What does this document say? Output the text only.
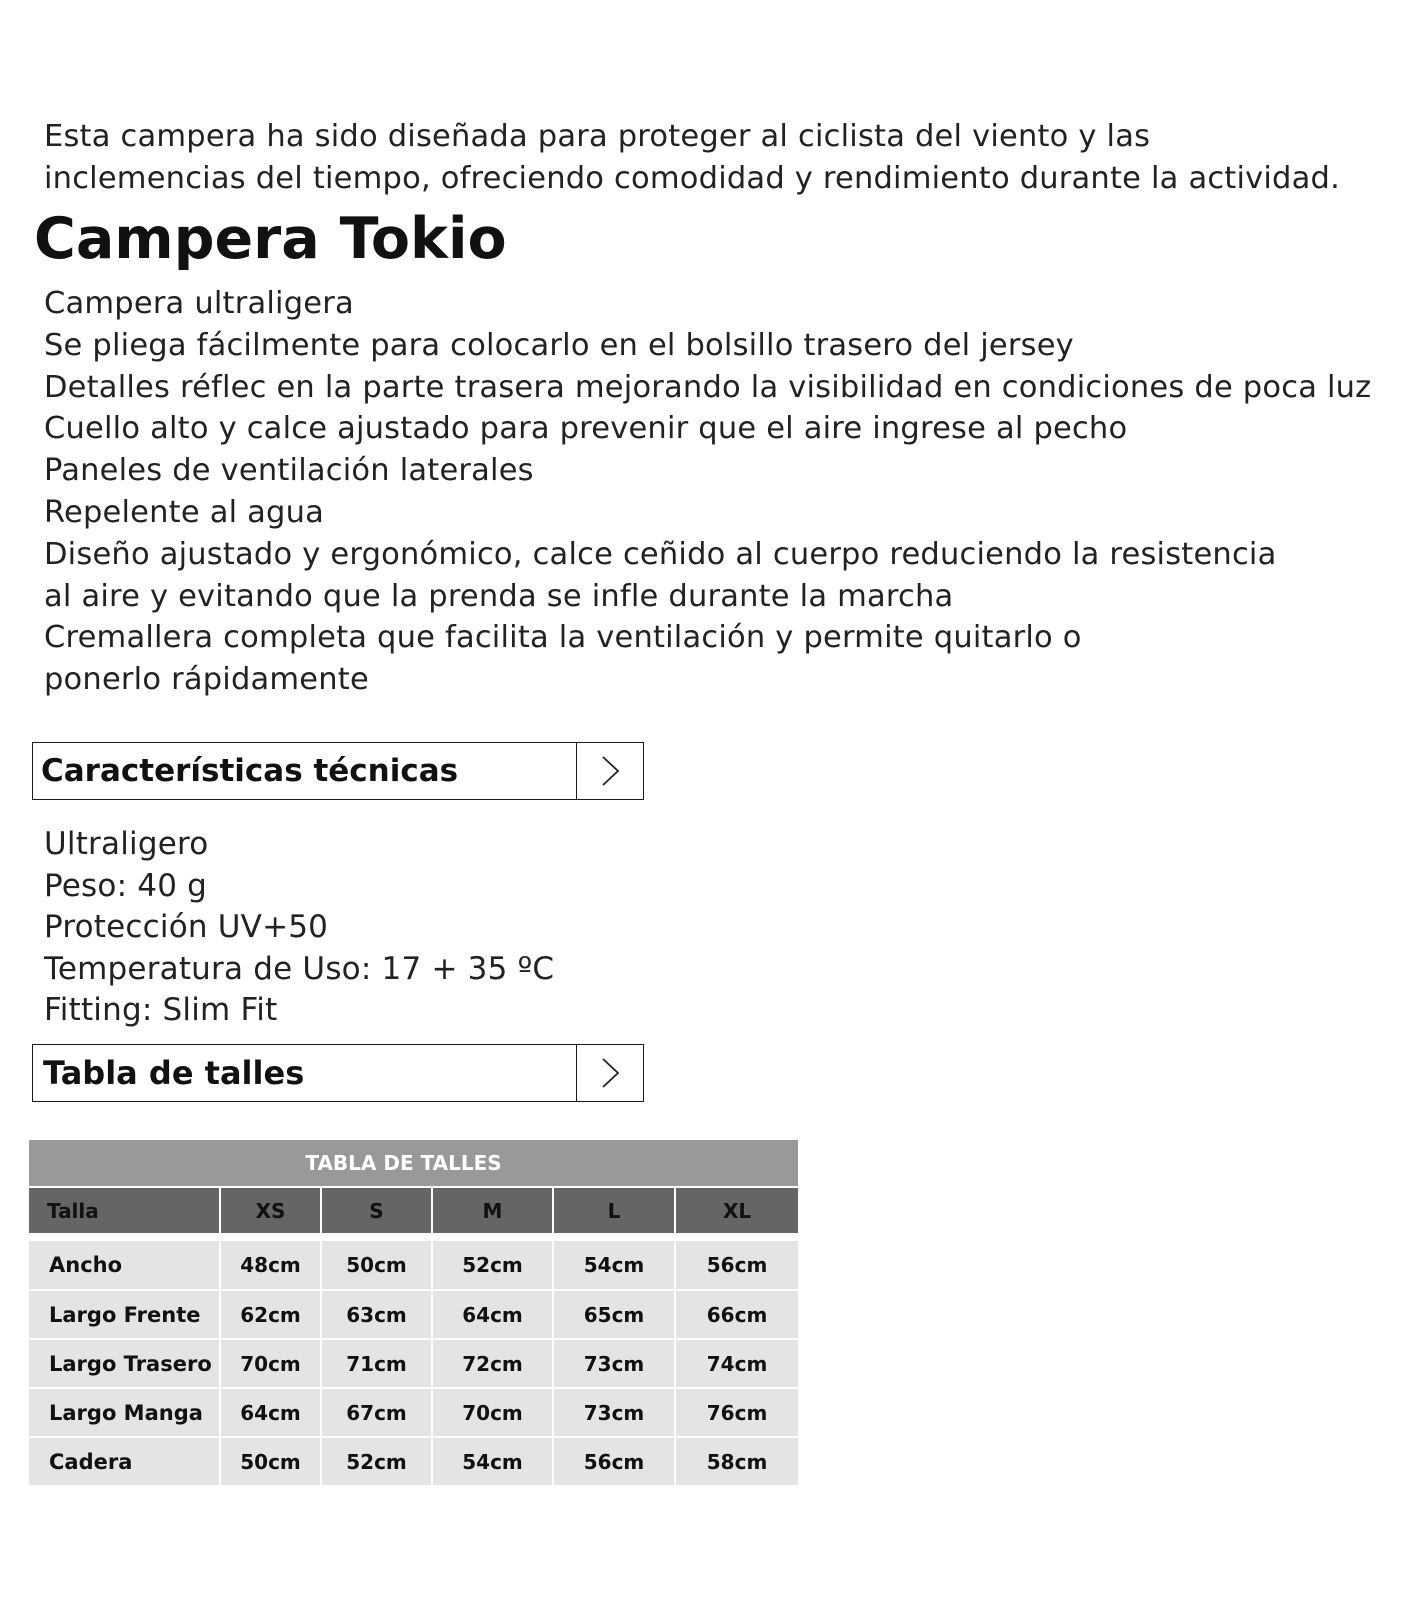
Esta campera ha sido diseñada para proteger al ciclista del viento y las
inclemencias del tiempo, ofreciendo comodidad y rendimiento durante la actividad.
Campera Tokio
Campera ultraligera
Se pliega fácilmente para colocarlo en el bolsillo trasero del jersey
Detalles réflec en la parte trasera mejorando la visibilidad en condiciones de poca luz
Cuello alto y calce ajustado para prevenir que el aire ingrese al pecho
Paneles de ventilación laterales
Repelente al agua
Diseño ajustado y ergonómico, calce ceñido al cuerpo reduciendo la resistencia
al aire y evitando que la prenda se infle durante la marcha
Cremallera completa que facilita la ventilación y permite quitarlo o
ponerlo rápidamente
Características técnicas
Ultraligero
Peso: 40 g
Protección UV+50
Temperatura de Uso: 17 + 35 ºC
Fitting: Slim Fit
Tabla de talles
TABLA DE TALLES					
Talla	XS	S	M	L	XL

Ancho	48cm	50cm	52cm	54cm	56cm
Largo Frente	62cm	63cm	64cm	65cm	66cm
Largo Trasero	70cm	71cm	72cm	73cm	74cm
Largo Manga	64cm	67cm	70cm	73cm	76cm
Cadera	50cm	52cm	54cm	56cm	58cm
